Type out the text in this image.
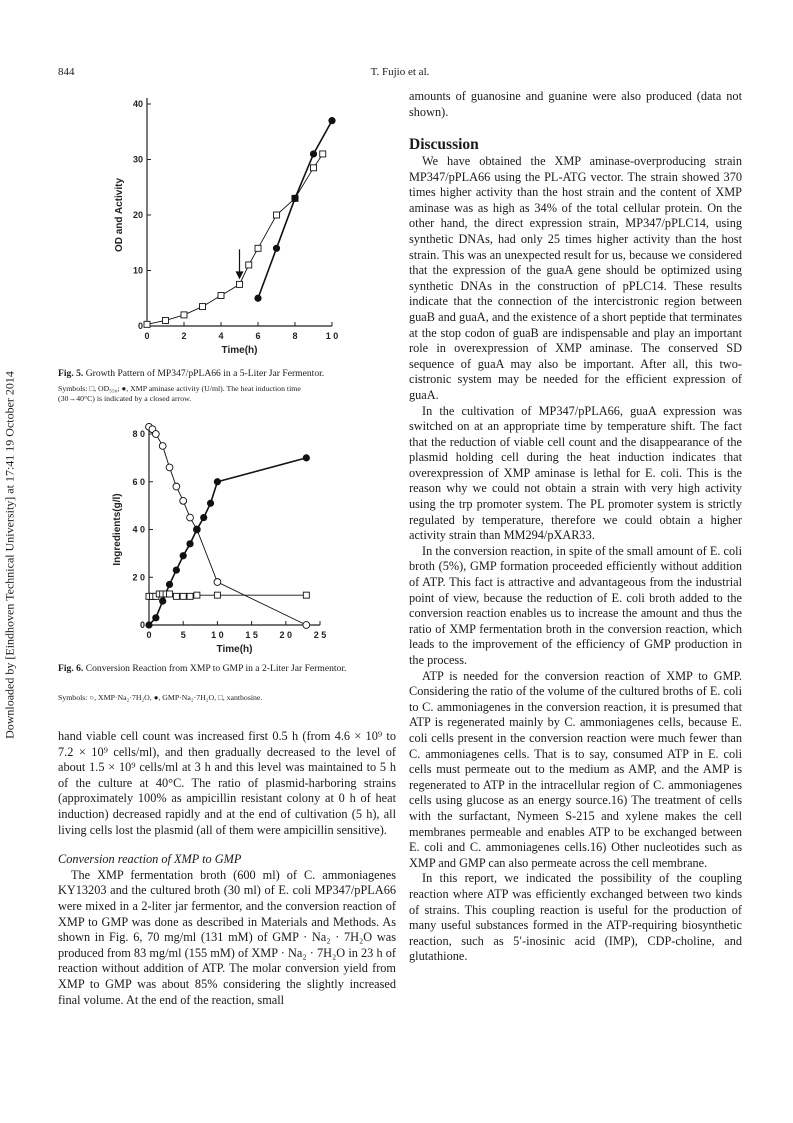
844	T. Fujio et al.
Downloaded by [Eindhoven Technical University] at 17:41 19 October 2014
0	2	4	6	8	1 0
0
10
20
30
40
Time(h)
OD and Activity
Fig. 5. Growth Pattern of MP347/pPLA66 in a 5-Liter Jar Fermentor.
Symbols: □, OD₅₅₀; ●, XMP aminase activity (U/ml). The heat induction time
(30→40°C) is indicated by a closed arrow.
0	5	1 0 1 5 2 0 2 5
0
2 0
4 0
6 0
8 0
Time(h)
Ingredients(g/l)
Fig. 6. Conversion Reaction from XMP to GMP in a 2-Liter Jar Fermentor.
Symbols: ○, XMP·Na₂·7H₂O, ●, GMP·Na₂·7H₂O, □, xanthosine.

hand viable cell count was increased first 0.5 h (from 4.6 × 10⁹ to 7.2 × 10⁹ cells/ml), and then gradually decreased to the level of about 1.5 × 10⁹ cells/ml at 3 h and this level was maintained to 5 h of the culture at 40°C. The ratio of plasmid-harboring strains (approximately 100% as ampicillin resistant colony at 0 h of heat induction) decreased rapidly and at the end of cultivation (5 h), all living cells lost the plasmid (all of them were ampicillin sensitive).

Conversion reaction of XMP to GMP

The XMP fermentation broth (600 ml) of C. ammoniagenes KY13203 and the cultured broth (30 ml) of E. coli MP347/pPLA66 were mixed in a 2-liter jar fermentor, and the conversion reaction of XMP to GMP was done as described in Materials and Methods. As shown in Fig. 6, 70 mg/ml (131 mM) of GMP · Na₂ · 7H₂O was produced from 83 mg/ml (155 mM) of XMP · Na₂ · 7H₂O in 23 h of reaction without addition of ATP. The molar conversion yield from XMP to GMP was about 85% considering the slightly increased final volume. At the end of the reaction, small

amounts of guanosine and guanine were also produced (data not shown).

Discussion

We have obtained the XMP aminase-overproducing strain MP347/pPLA66 using the PL-ATG vector. The strain showed 370 times higher activity than the host strain and the content of XMP aminase was as high as 34% of the total cellular protein. On the other hand, the direct expression strain, MP347/pPLC14, using synthetic DNAs, had only 25 times higher activity than the host strain. This was an unexpected result for us, because we considered that the expression of the guaA gene should be optimized using synthetic DNAs in the construction of pPLC14. These results indicate that the connection of the intercistronic region between guaB and guaA, and the existence of a short peptide that terminates at the stop codon of guaB are indispensable and play an important role in overexpression of XMP aminase. The conserved SD sequence of guaA may also be important. After all, this two-cistronic system may be needed for the efficient expression of guaA.

In the cultivation of MP347/pPLA66, guaA expression was switched on at an appropriate time by temperature shift. The fact that the reduction of viable cell count and the disappearance of the plasmid holding cell during the heat induction indicates that overexpression of XMP aminase is lethal for E. coli. This is the reason why we could not obtain a strain with very high activity using the trp promoter system. The PL promoter system is strictly regulated by temperature, therefore we could obtain a higher activity strain than MM294/pXAR33.

In the conversion reaction, in spite of the small amount of E. coli broth (5%), GMP formation proceeded efficiently without addition of ATP. This fact is attractive and advantageous from the industrial point of view, because the reduction of E. coli broth added to the conversion reaction enables us to increase the amount and thus the ratio of XMP fermentation broth in the conversion reaction, which leads to the improvement of the efficiency of GMP production in the process.

ATP is needed for the conversion reaction of XMP to GMP. Considering the ratio of the volume of the cultured broths of E. coli to C. ammoniagenes in the conversion reaction, it is presumed that ATP is regenerated mainly by C. ammoniagenes cells, because E. coli cells present in the conversion reaction were much fewer than C. ammoniagenes cells. That is to say, consumed ATP in E. coli cells must permeate out to the medium as AMP, and the AMP is regenerated to ATP in the intracellular region of C. ammoniagenes cells using glucose as an energy source.16) The treatment of cells with the surfactant, Nymeen S-215 and xylene makes the cell membranes permeable and enables ATP to be exchanged between E. coli and C. ammoniagenes cells.16) Other nucleotides such as XMP and GMP can also permeate across the cell membrane.

In this report, we indicated the possibility of the coupling reaction where ATP was efficiently exchanged between two kinds of strains. This coupling reaction is useful for the production of many useful substances formed in the ATP-requiring biosynthetic reaction, such as 5′-inosinic acid (IMP), CDP-choline, and glutathione.
